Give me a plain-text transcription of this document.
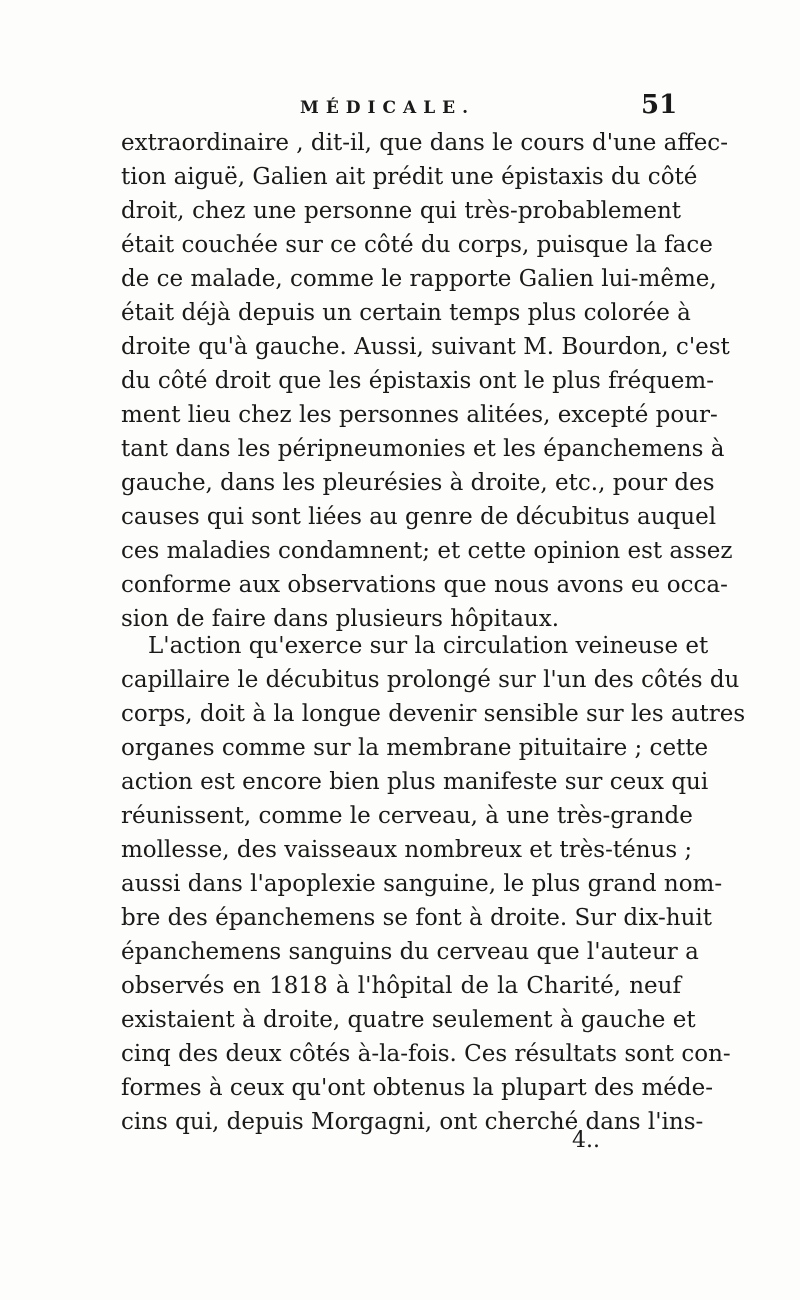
MÉDICALE.	51
extraordinaire , dit-il, que dans le cours d'une affec-
tion aiguë, Galien ait prédit une épistaxis du côté
droit, chez une personne qui très-probablement
était couchée sur ce côté du corps, puisque la face
de ce malade, comme le rapporte Galien lui-même,
était déjà depuis un certain temps plus colorée à
droite qu'à gauche. Aussi, suivant M. Bourdon, c'est
du côté droit que les épistaxis ont le plus fréquem-
ment lieu chez les personnes alitées, excepté pour-
tant dans les péripneumonies et les épanchemens à
gauche, dans les pleurésies à droite, etc., pour des
causes qui sont liées au genre de décubitus auquel
ces maladies condamnent; et cette opinion est assez
conforme aux observations que nous avons eu occa-
sion de faire dans plusieurs hôpitaux.
L'action qu'exerce sur la circulation veineuse et
capillaire le décubitus prolongé sur l'un des côtés du
corps, doit à la longue devenir sensible sur les autres
organes comme sur la membrane pituitaire ; cette
action est encore bien plus manifeste sur ceux qui
réunissent, comme le cerveau, à une très-grande
mollesse, des vaisseaux nombreux et très-ténus ;
aussi dans l'apoplexie sanguine, le plus grand nom-
bre des épanchemens se font à droite. Sur dix-huit
épanchemens sanguins du cerveau que l'auteur a
observés en 1818 à l'hôpital de la Charité, neuf
existaient à droite, quatre seulement à gauche et
cinq des deux côtés à-la-fois. Ces résultats sont con-
formes à ceux qu'ont obtenus la plupart des méde-
cins qui, depuis Morgagni, ont cherché dans l'ins-
4..
